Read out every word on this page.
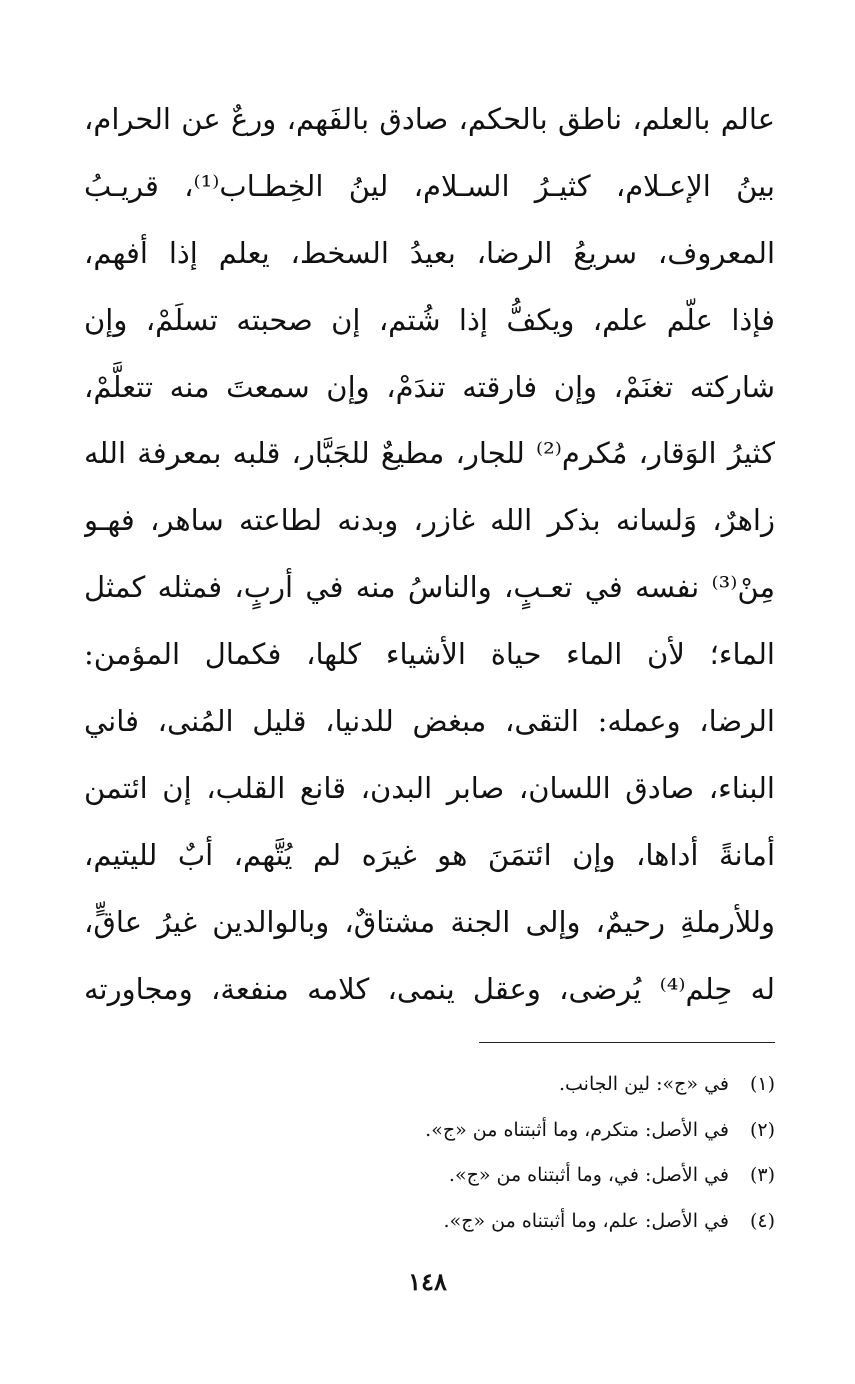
عالم بالعلم، ناطق بالحكم، صادق بالفَهم، ورعٌ عن الحرام،
بينُ الإعـلام، كثيـرُ السـلام، لينُ الخِطـاب⁽¹⁾، قريـبُ
المعروف، سريعُ الرضا، بعيدُ السخط، يعلم إذا أفهم،
فإذا علّم علم، ويكفُّ إذا شُتم، إن صحبته تسلَمْ، وإن
شاركته تغنَمْ، وإن فارقته تندَمْ، وإن سمعتَ منه تتعلَّمْ،
كثيرُ الوَقار، مُكرم⁽²⁾ للجار، مطيعٌ للجَبَّار، قلبه بمعرفة الله
زاهرٌ، وَلسانه بذكر الله غازر، وبدنه لطاعته ساهر، فهـو
مِنْ⁽³⁾ نفسه في تعـبٍ، والناسُ منه في أربٍ، فمثله كمثل
الماء؛ لأن الماء حياة الأشياء كلها، فكمال المؤمن:
الرضا، وعمله: التقى، مبغض للدنيا، قليل المُنى، فاني
البناء، صادق اللسان، صابر البدن، قانع القلب، إن ائتمن
أمانةً أداها، وإن ائتمَنَ هو غيرَه لم يُتَّهم، أبٌ لليتيم،
وللأرملةِ رحيمٌ، وإلى الجنة مشتاقٌ، وبالوالدين غيرُ عاقٍّ،
له حِلم⁽⁴⁾ يُرضى، وعقل ينمى، كلامه منفعة، ومجاورته
(١)في «ج»: لين الجانب.
(٢)في الأصل: متكرم، وما أثبتناه من «ج».
(٣)في الأصل: في، وما أثبتناه من «ج».
(٤)في الأصل: علم، وما أثبتناه من «ج».
١٤٨
